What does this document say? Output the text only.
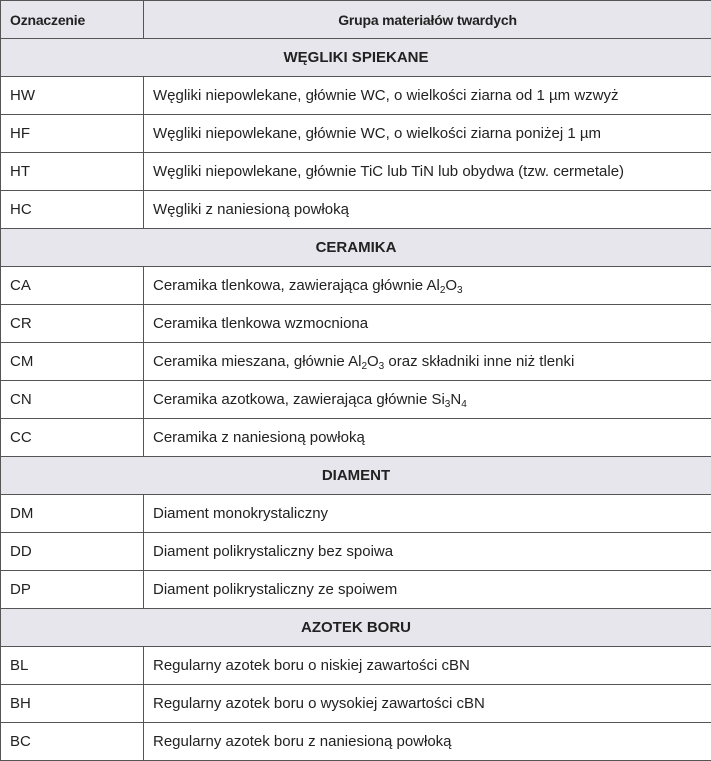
Oznaczenie	Grupa materiałów twardych
WĘGLIKI SPIEKANE	
HW	Węgliki niepowlekane, głównie WC, o wielkości ziarna od 1 µm wzwyż
HF	Węgliki niepowlekane, głównie WC, o wielkości ziarna poniżej 1 µm
HT	Węgliki niepowlekane, głównie TiC lub TiN lub obydwa (tzw. cermetale)
HC	Węgliki z naniesioną powłoką
CERAMIKA	
CA	Ceramika tlenkowa, zawierająca głównie $Al_2O_3$
CR	Ceramika tlenkowa wzmocniona
CM	Ceramika mieszana, głównie $Al_2O_3$ oraz składniki inne niż tlenki
CN	Ceramika azotkowa, zawierająca głównie $Si_3N_4$
CC	Ceramika z naniesioną powłoką
DIAMENT	
DM	Diament monokrystaliczny
DD	Diament polikrystaliczny bez spoiwa
DP	Diament polikrystaliczny ze spoiwem
AZOTEK BORU	
BL	Regularny azotek boru o niskiej zawartości cBN
BH	Regularny azotek boru o wysokiej zawartości cBN
BC	Regularny azotek boru z naniesioną powłoką
